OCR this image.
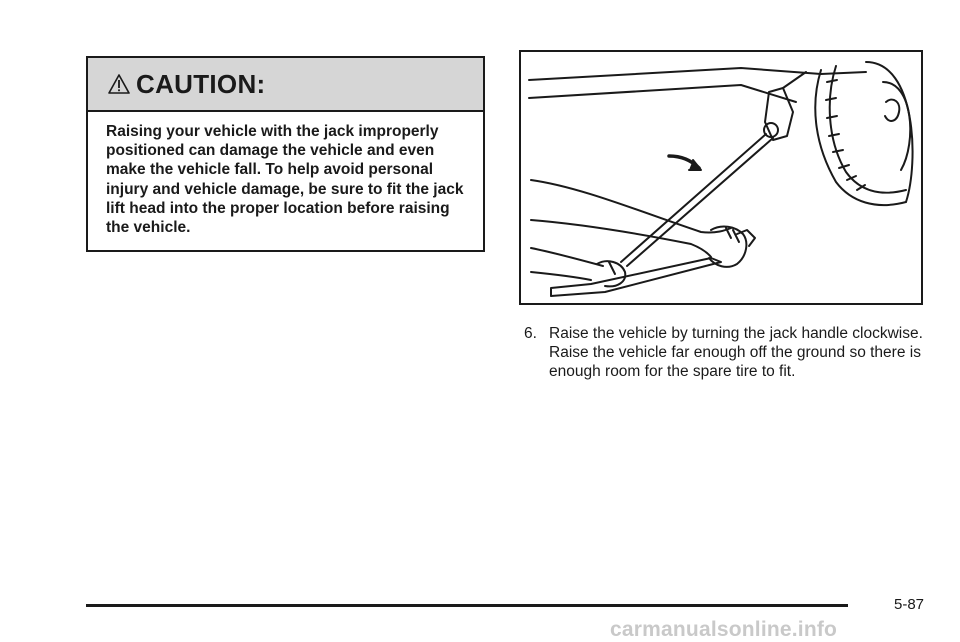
CAUTION:
Raising your vehicle with the jack improperly positioned can damage the vehicle and even make the vehicle fall. To help avoid personal injury and vehicle damage, be sure to fit the jack lift head into the proper location before raising the vehicle.
6. Raise the vehicle by turning the jack handle clockwise. Raise the vehicle far enough off the ground so there is enough room for the spare tire to fit.
5-87
carmanualsonline.info
